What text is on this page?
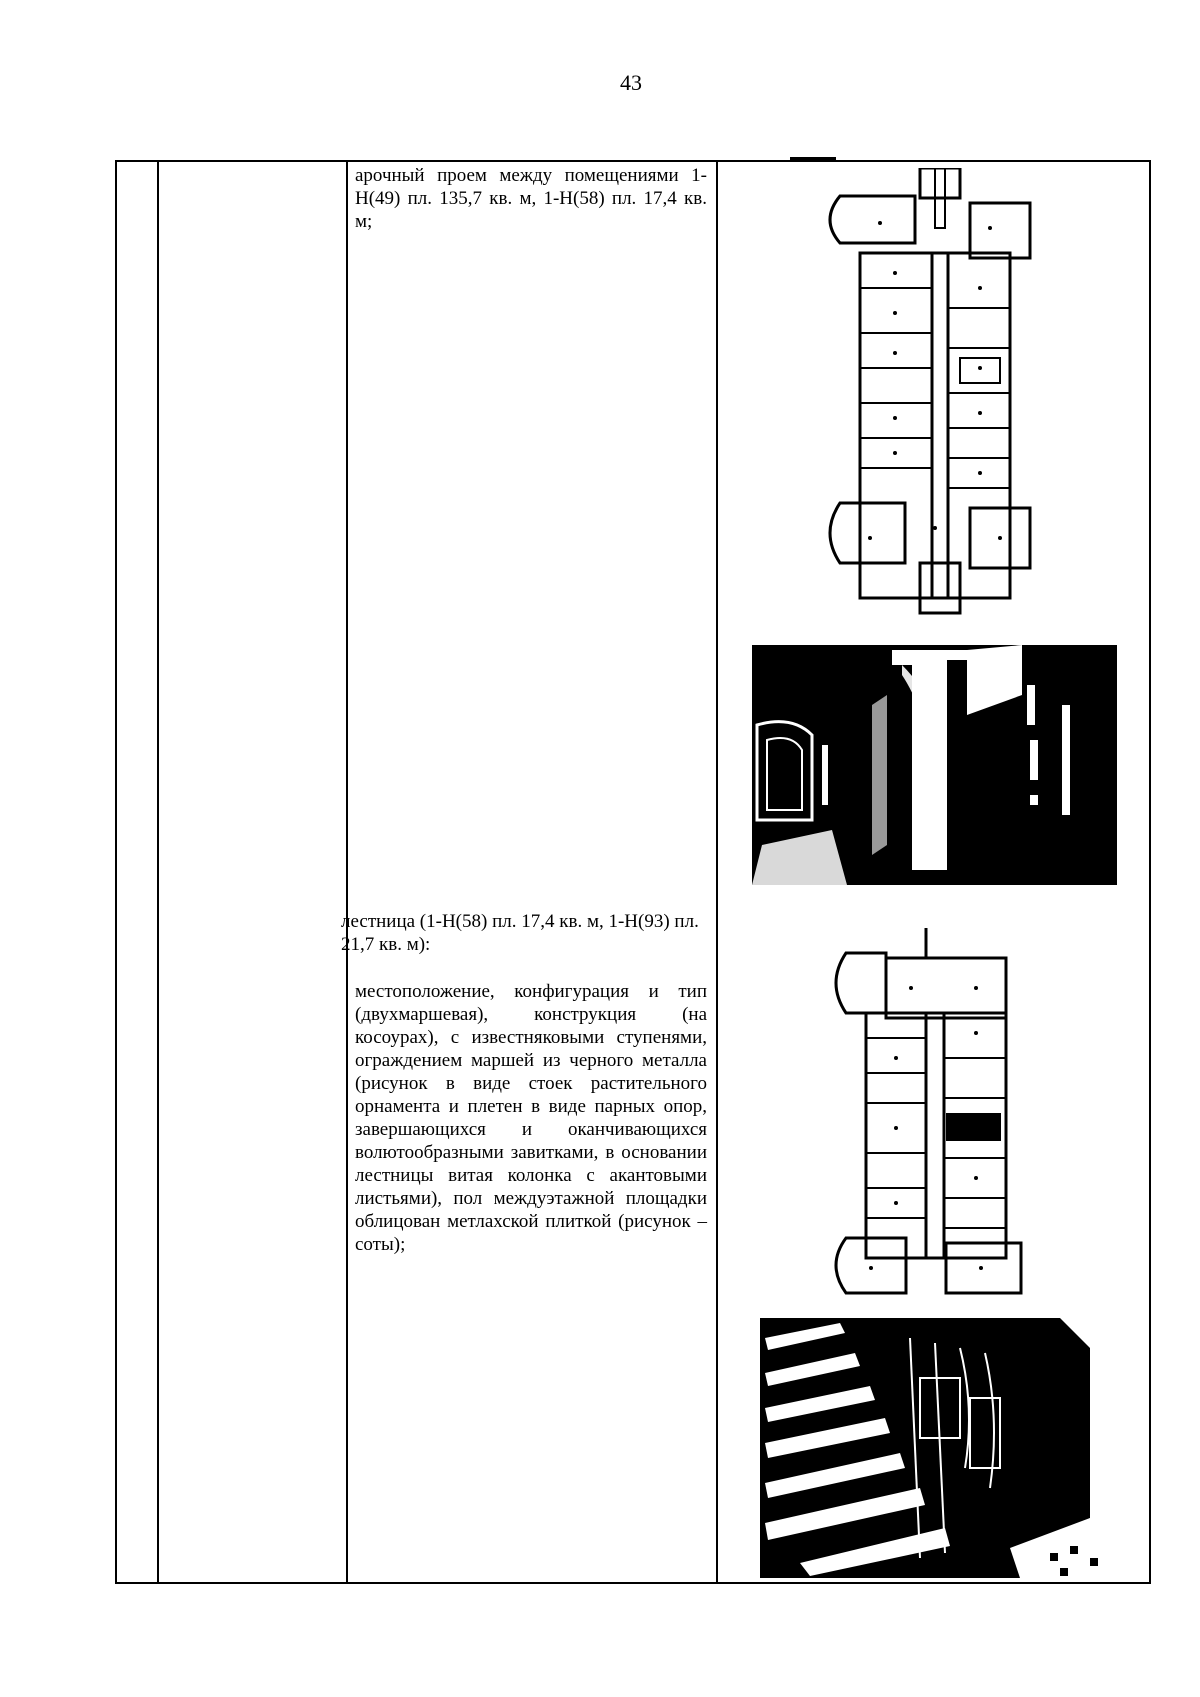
43
арочный проем между помещениями 1-Н(49) пл. 135,7 кв. м, 1-Н(58) пл. 17,4 кв. м;
лестница (1-Н(58) пл. 17,4 кв. м, 1-Н(93) пл. 21,7 кв. м):
местоположение, конфигурация и тип (двухмаршевая), конструкция (на косоурах), с известняковыми ступенями, ограждением маршей из черного металла (рисунок в виде стоек растительного орнамента и плетен в виде парных опор, завершающихся и оканчивающихся волютообразными завитками, в основании лестницы витая колонка с акантовыми листьями), пол междуэтажной площадки облицован метлахской плиткой (рисунок – соты);
